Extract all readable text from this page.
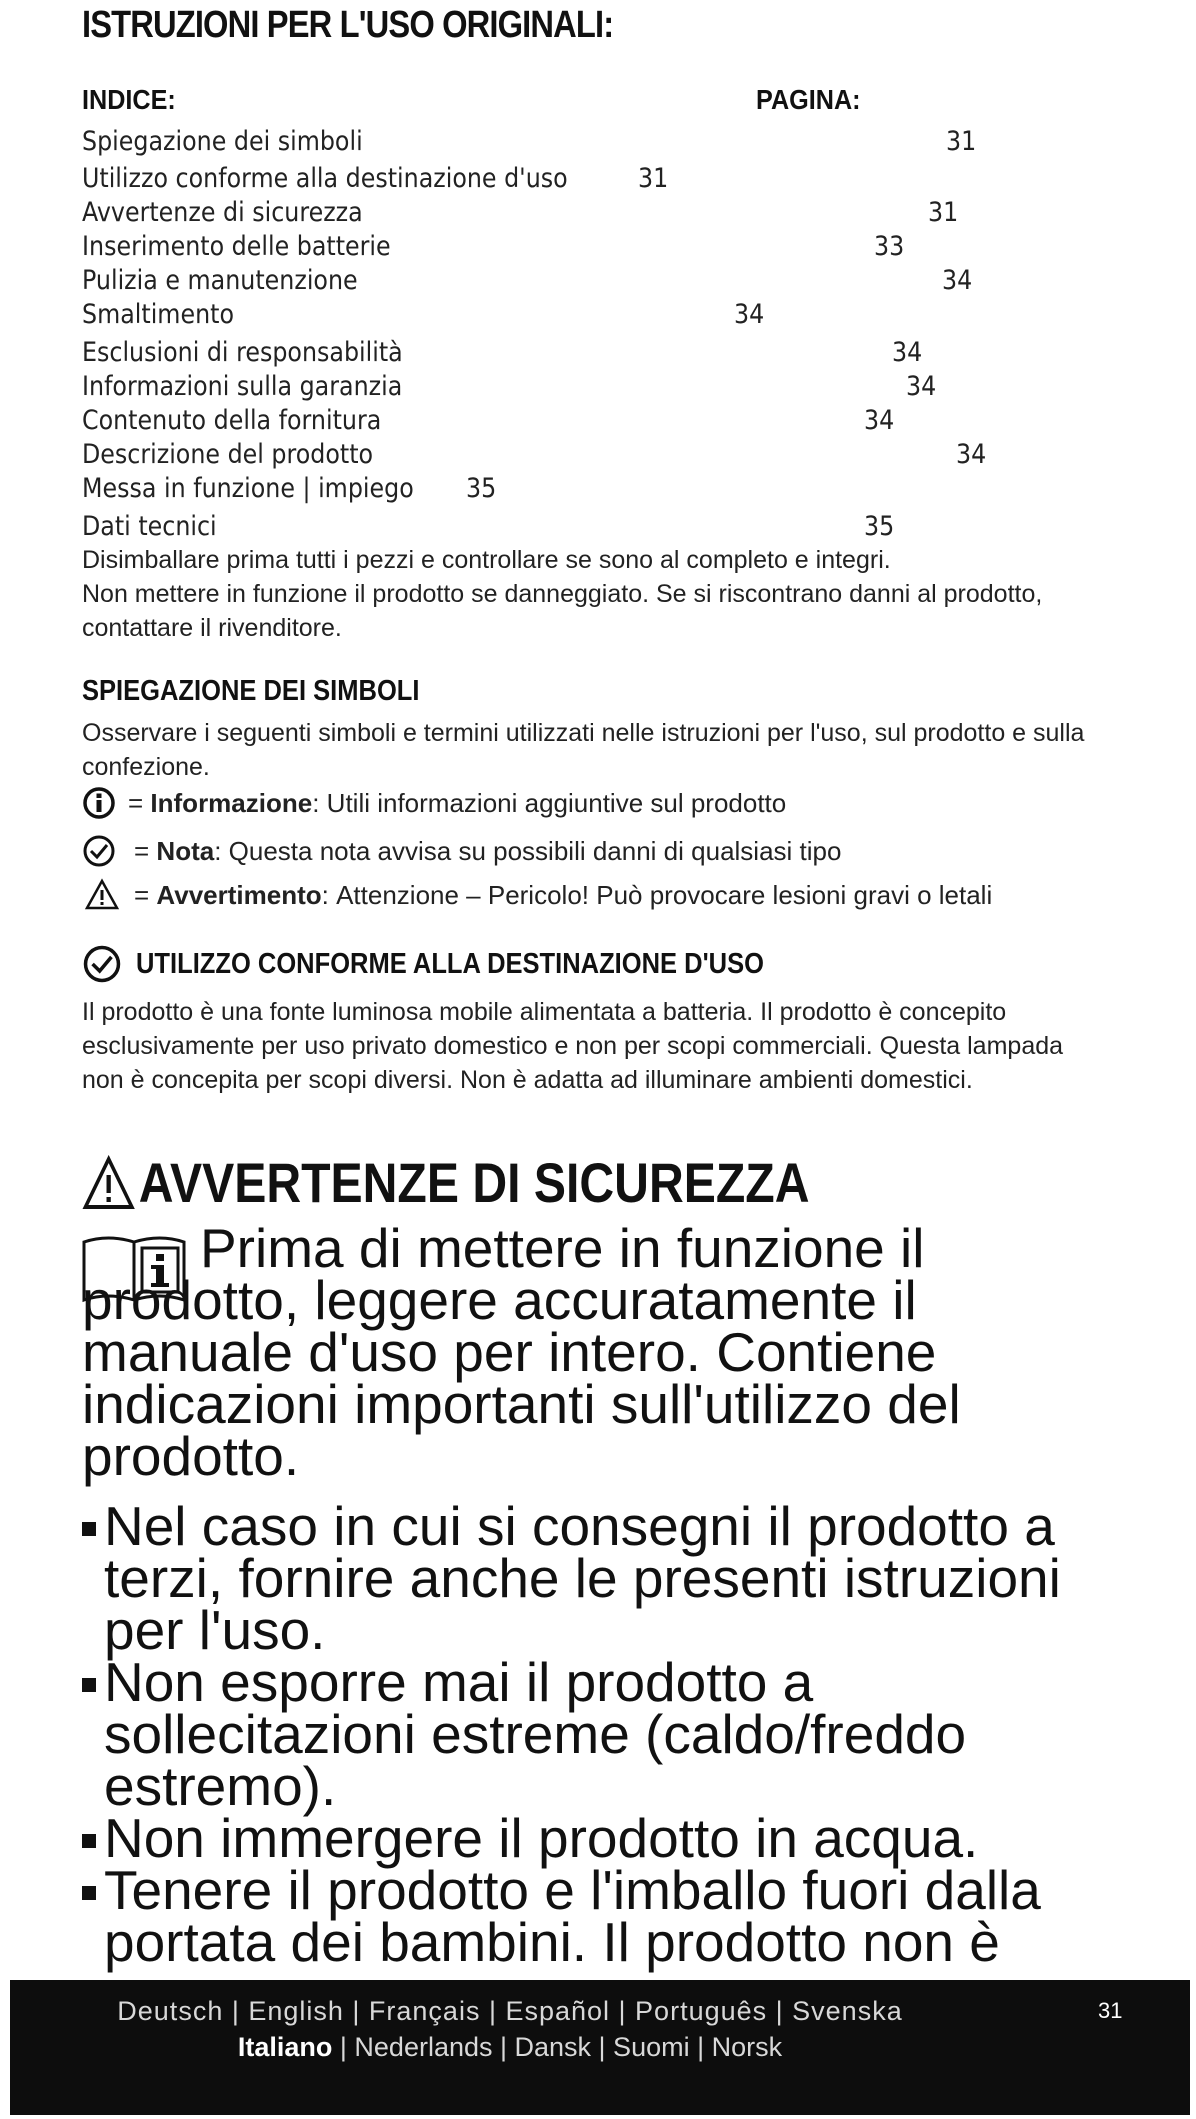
ISTRUZIONI PER L'USO ORIGINALI:
INDICE:	PAGINA:
Spiegazione dei simboli	31
Utilizzo conforme alla destinazione d'uso	31
Avvertenze di sicurezza	31
Inserimento delle batterie	33
Pulizia e manutenzione	34
Smaltimento	34
Esclusioni di responsabilità	34
Informazioni sulla garanzia	34
Contenuto della fornitura	34
Descrizione del prodotto	34
Messa in funzione | impiego 35
Dati tecnici	35
Disimballare prima tutti i pezzi e controllare se sono al completo e integri.
Non mettere in funzione il prodotto se danneggiato. Se si riscontrano danni al prodotto, contattare il rivenditore.
SPIEGAZIONE DEI SIMBOLI
Osservare i seguenti simboli e termini utilizzati nelle istruzioni per l'uso, sul prodotto e sulla confezione.
= Informazione : Utili informazioni aggiuntive sul prodotto
= Nota : Questa nota avvisa su possibili danni di qualsiasi tipo
= Avvertimento : Attenzione – Pericolo! Può provocare lesioni gravi o letali
UTILIZZO CONFORME ALLA DESTINAZIONE D'USO
Il prodotto è una fonte luminosa mobile alimentata a batteria. Il prodotto è concepito esclusivamente per uso privato domestico e non per scopi commerciali. Questa lampada non è concepita per scopi diversi. Non è adatta ad illuminare ambienti domestici.
AVVERTENZE DI SICUREZZA
Prima di mettere in funzione il prodotto, leggere accuratamente il manuale d'uso per intero. Contiene indicazioni importanti sull'utilizzo del prodotto.
Nel caso in cui si consegni il prodotto a terzi, fornire anche le presenti istruzioni per l'uso.
Non esporre mai il prodotto a sollecitazioni estreme (caldo/freddo estremo).
Non immergere il prodotto in acqua.
Tenere il prodotto e l'imballo fuori dalla portata dei bambini. Il prodotto non è
Deutsch | English | Français | Español | Português | Svenska
Italiano | Nederlands | Dansk | Suomi | Norsk
31
